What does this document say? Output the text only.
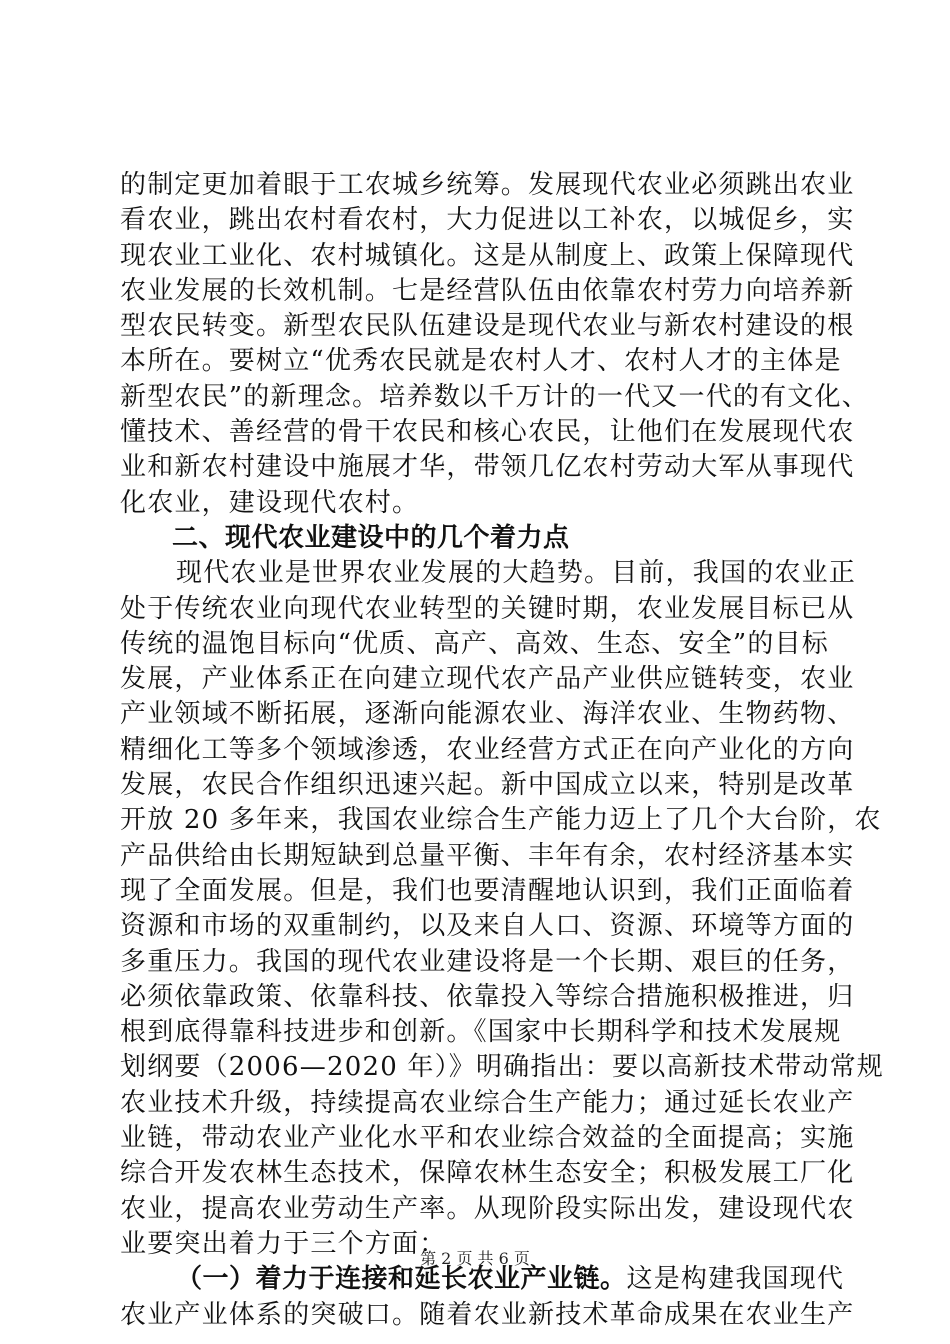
的制定更加着眼于工农城乡统筹。发展现代农业必须跳出农业
看农业，跳出农村看农村，大力促进以工补农，以城促乡，实
现农业工业化、农村城镇化。这是从制度上、政策上保障现代
农业发展的长效机制。七是经营队伍由依靠农村劳力向培养新
型农民转变。新型农民队伍建设是现代农业与新农村建设的根
本所在。要树立“优秀农民就是农村人才、农村人才的主体是
新型农民”的新理念。培养数以千万计的一代又一代的有文化、
懂技术、善经营的骨干农民和核心农民，让他们在发展现代农
业和新农村建设中施展才华，带领几亿农村劳动大军从事现代
化农业，建设现代农村。
二、现代农业建设中的几个着力点
现代农业是世界农业发展的大趋势。目前，我国的农业正
处于传统农业向现代农业转型的关键时期，农业发展目标已从
传统的温饱目标向“优质、高产、高效、生态、安全”的目标
发展，产业体系正在向建立现代农产品产业供应链转变，农业
产业领域不断拓展，逐渐向能源农业、海洋农业、生物药物、
精细化工等多个领域渗透，农业经营方式正在向产业化的方向
发展，农民合作组织迅速兴起。新中国成立以来，特别是改革
开放 20 多年来，我国农业综合生产能力迈上了几个大台阶，农
产品供给由长期短缺到总量平衡、丰年有余，农村经济基本实
现了全面发展。但是，我们也要清醒地认识到，我们正面临着
资源和市场的双重制约，以及来自人口、资源、环境等方面的
多重压力。我国的现代农业建设将是一个长期、艰巨的任务，
必须依靠政策、依靠科技、依靠投入等综合措施积极推进，归
根到底得靠科技进步和创新。《国家中长期科学和技术发展规
划纲要（2006—2020 年）》明确指出：要以高新技术带动常规
农业技术升级，持续提高农业综合生产能力；通过延长农业产
业链，带动农业产业化水平和农业综合效益的全面提高；实施
综合开发农林生态技术，保障农林生态安全；积极发展工厂化
农业，提高农业劳动生产率。从现阶段实际出发，建设现代农
业要突出着力于三个方面：
（一）着力于连接和延长农业产业链。这是构建我国现代
农业产业体系的突破口。随着农业新技术革命成果在农业生产
第 2 页 共 6 页
